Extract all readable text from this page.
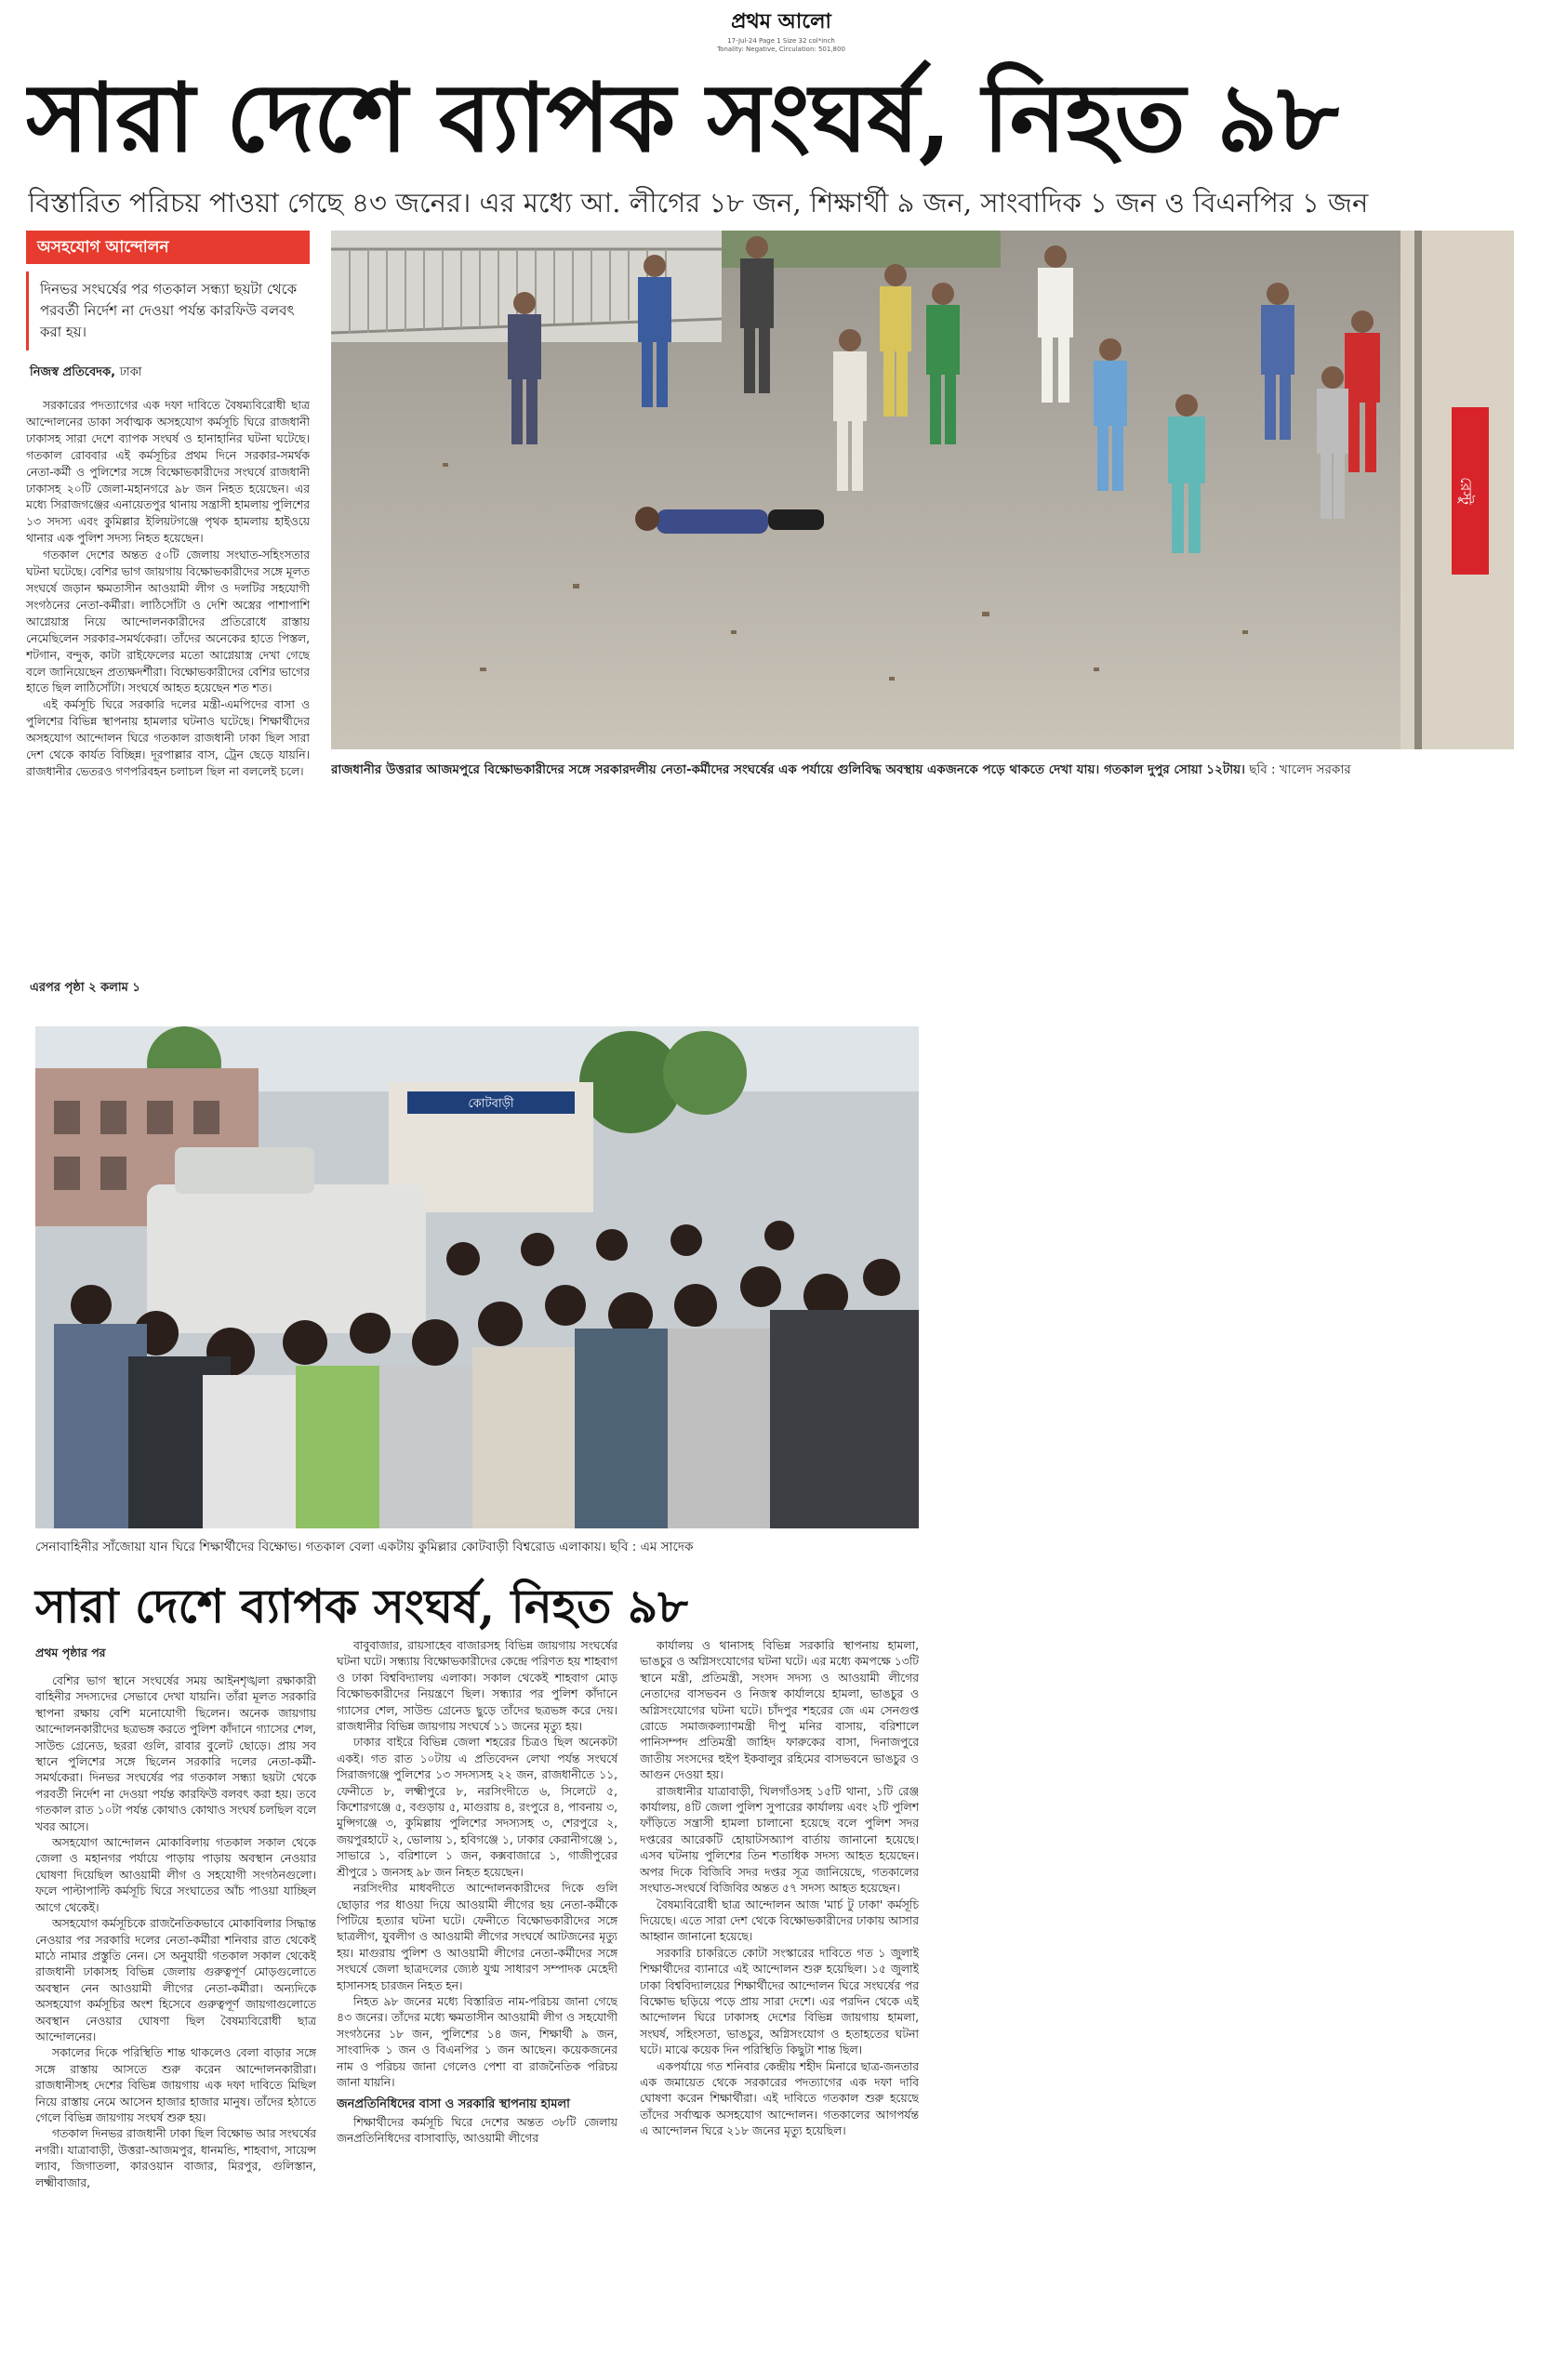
প্রথম আলো
17-Jul-24 Page 1 Size 32 col*inch
Tonality: Negative, Circulation: 501,800
সারা দেশে ব্যাপক সংঘর্ষ, নিহত ৯৮
বিস্তারিত পরিচয় পাওয়া গেছে ৪৩ জনের। এর মধ্যে আ. লীগের ১৮ জন, শিক্ষার্থী ৯ জন, সাংবাদিক ১ জন ও বিএনপির ১ জন
অসহযোগ আন্দোলন
দিনভর সংঘর্ষের পর গতকাল সন্ধ্যা ছয়টা থেকে পরবর্তী নির্দেশ না দেওয়া পর্যন্ত কারফিউ বলবৎ করা হয়।
নিজস্ব প্রতিবেদক, ঢাকা

সরকারের পদত্যাগের এক দফা দাবিতে বৈষম্যবিরোধী ছাত্র আন্দোলনের ডাকা সর্বাত্মক অসহযোগ কর্মসূচি ঘিরে রাজধানী ঢাকাসহ সারা দেশে ব্যাপক সংঘর্ষ ও হানাহানির ঘটনা ঘটেছে। গতকাল রোববার এই কর্মসূচির প্রথম দিনে সরকার-সমর্থক নেতা-কর্মী ও পুলিশের সঙ্গে বিক্ষোভকারীদের সংঘর্ষে রাজধানী ঢাকাসহ ২০টি জেলা-মহানগরে ৯৮ জন নিহত হয়েছেন। এর মধ্যে সিরাজগঞ্জের এনায়েতপুর থানায় সন্ত্রাসী হামলায় পুলিশের ১৩ সদস্য এবং কুমিল্লার ইলিয়টগঞ্জে পৃথক হামলায় হাইওয়ে থানার এক পুলিশ সদস্য নিহত হয়েছেন।

গতকাল দেশের অন্তত ৫০টি জেলায় সংঘাত-সহিংসতার ঘটনা ঘটেছে। বেশির ভাগ জায়গায় বিক্ষোভকারীদের সঙ্গে মূলত সংঘর্ষে জড়ান ক্ষমতাসীন আওয়ামী লীগ ও দলটির সহযোগী সংগঠনের নেতা-কর্মীরা। লাঠিসোঁটা ও দেশি অস্ত্রের পাশাপাশি আগ্নেয়াস্ত্র নিয়ে আন্দোলনকারীদের প্রতিরোধে রাস্তায় নেমেছিলেন সরকার-সমর্থকেরা। তাঁদের অনেকের হাতে পিস্তল, শটগান, বন্দুক, কাটা রাইফেলের মতো আগ্নেয়াস্ত্র দেখা গেছে বলে জানিয়েছেন প্রত্যক্ষদর্শীরা। বিক্ষোভকারীদের বেশির ভাগের হাতে ছিল লাঠিসোঁটা। সংঘর্ষে আহত হয়েছেন শত শত।

এই কর্মসূচি ঘিরে সরকারি দলের মন্ত্রী-এমপিদের বাসা ও পুলিশের বিভিন্ন স্থাপনায় হামলার ঘটনাও ঘটেছে। শিক্ষার্থীদের অসহযোগ আন্দোলন ঘিরে গতকাল রাজধানী ঢাকা ছিল সারা দেশ থেকে কার্যত বিচ্ছিন্ন। দূরপাল্লার বাস, ট্রেন ছেড়ে যায়নি। রাজধানীর ভেতরও গণপরিবহন চলাচল ছিল না বললেই চলে।

এরপর পৃষ্ঠা ২ কলাম ১
রেস্টু
রাজধানীর উত্তরার আজমপুরে বিক্ষোভকারীদের সঙ্গে সরকারদলীয় নেতা-কর্মীদের সংঘর্ষের এক পর্যায়ে গুলিবিদ্ধ অবস্থায় একজনকে পড়ে থাকতে দেখা যায়। গতকাল দুপুর সোয়া ১২টায়। ছবি : খালেদ সরকার
কোটবাড়ী
সেনাবাহিনীর সাঁজোয়া যান ঘিরে শিক্ষার্থীদের বিক্ষোভ। গতকাল বেলা একটায় কুমিল্লার কোটবাড়ী বিশ্বরোড এলাকায়। ছবি : এম সাদেক
সারা দেশে ব্যাপক সংঘর্ষ, নিহত ৯৮
প্রথম পৃষ্ঠার পর

বেশির ভাগ স্থানে সংঘর্ষের সময় আইনশৃঙ্খলা রক্ষাকারী বাহিনীর সদস্যদের সেভাবে দেখা যায়নি। তাঁরা মূলত সরকারি স্থাপনা রক্ষায় বেশি মনোযোগী ছিলেন। অনেক জায়গায় আন্দোলনকারীদের ছত্রভঙ্গ করতে পুলিশ কাঁদানে গ্যাসের শেল, সাউন্ড গ্রেনেড, ছররা গুলি, রাবার বুলেট ছোড়ে। প্রায় সব স্থানে পুলিশের সঙ্গে ছিলেন সরকারি দলের নেতা-কর্মী-সমর্থকেরা। দিনভর সংঘর্ষের পর গতকাল সন্ধ্যা ছয়টা থেকে পরবর্তী নির্দেশ না দেওয়া পর্যন্ত কারফিউ বলবৎ করা হয়। তবে গতকাল রাত ১০টা পর্যন্ত কোথাও কোথাও সংঘর্ষ চলছিল বলে খবর আসে।

অসহযোগ আন্দোলন মোকাবিলায় গতকাল সকাল থেকে জেলা ও মহানগর পর্যায়ে পাড়ায় পাড়ায় অবস্থান নেওয়ার ঘোষণা দিয়েছিল আওয়ামী লীগ ও সহযোগী সংগঠনগুলো। ফলে পাল্টাপাল্টি কর্মসূচি ঘিরে সংঘাতের আঁচ পাওয়া যাচ্ছিল আগে থেকেই।

অসহযোগ কর্মসূচিকে রাজনৈতিকভাবে মোকাবিলার সিদ্ধান্ত নেওয়ার পর সরকারি দলের নেতা-কর্মীরা শনিবার রাত থেকেই মাঠে নামার প্রস্তুতি নেন। সে অনুযায়ী গতকাল সকাল থেকেই রাজধানী ঢাকাসহ বিভিন্ন জেলায় গুরুত্বপূর্ণ মোড়গুলোতে অবস্থান নেন আওয়ামী লীগের নেতা-কর্মীরা। অন্যদিকে অসহযোগ কর্মসূচির অংশ হিসেবে গুরুত্বপূর্ণ জায়গাগুলোতে অবস্থান নেওয়ার ঘোষণা ছিল বৈষম্যবিরোধী ছাত্র আন্দোলনের।

সকালের দিকে পরিস্থিতি শান্ত থাকলেও বেলা বাড়ার সঙ্গে সঙ্গে রাস্তায় আসতে শুরু করেন আন্দোলনকারীরা। রাজধানীসহ দেশের বিভিন্ন জায়গায় এক দফা দাবিতে মিছিল নিয়ে রাস্তায় নেমে আসেন হাজার হাজার মানুষ। তাঁদের হঠাতে গেলে বিভিন্ন জায়গায় সংঘর্ষ শুরু হয়।

গতকাল দিনভর রাজধানী ঢাকা ছিল বিক্ষোভ আর সংঘর্ষের নগরী। যাত্রাবাড়ী, উত্তরা-আজমপুর, ধানমন্ডি, শাহবাগ, সায়েন্স ল্যাব, জিগাতলা, কারওয়ান বাজার, মিরপুর, গুলিস্তান, লক্ষ্মীবাজার,

বাবুবাজার, রায়সাহেব বাজারসহ বিভিন্ন জায়গায় সংঘর্ষের ঘটনা ঘটে। সন্ধ্যায় বিক্ষোভকারীদের কেন্দ্রে পরিণত হয় শাহবাগ ও ঢাকা বিশ্ববিদ্যালয় এলাকা। সকাল থেকেই শাহবাগ মোড় বিক্ষোভকারীদের নিয়ন্ত্রণে ছিল। সন্ধ্যার পর পুলিশ কাঁদানে গ্যাসের শেল, সাউন্ড গ্রেনেড ছুড়ে তাঁদের ছত্রভঙ্গ করে দেয়। রাজধানীর বিভিন্ন জায়গায় সংঘর্ষে ১১ জনের মৃত্যু হয়।

ঢাকার বাইরে বিভিন্ন জেলা শহরের চিত্রও ছিল অনেকটা একই। গত রাত ১০টায় এ প্রতিবেদন লেখা পর্যন্ত সংঘর্ষে সিরাজগঞ্জে পুলিশের ১৩ সদস্যসহ ২২ জন, রাজধানীতে ১১, ফেনীতে ৮, লক্ষ্মীপুরে ৮, নরসিংদীতে ৬, সিলেটে ৫, কিশোরগঞ্জে ৫, বগুড়ায় ৫, মাগুরায় ৪, রংপুরে ৪, পাবনায় ৩, মুন্সিগঞ্জে ৩, কুমিল্লায় পুলিশের সদস্যসহ ৩, শেরপুরে ২, জয়পুরহাটে ২, ভোলায় ১, হবিগঞ্জে ১, ঢাকার কেরানীগঞ্জে ১, সাভারে ১, বরিশালে ১ জন, কক্সবাজারে ১, গাজীপুরের শ্রীপুরে ১ জনসহ ৯৮ জন নিহত হয়েছেন।

নরসিংদীর মাধবদীতে আন্দোলনকারীদের দিকে গুলি ছোড়ার পর ধাওয়া দিয়ে আওয়ামী লীগের ছয় নেতা-কর্মীকে পিটিয়ে হত্যার ঘটনা ঘটে। ফেনীতে বিক্ষোভকারীদের সঙ্গে ছাত্রলীগ, যুবলীগ ও আওয়ামী লীগের সংঘর্ষে আটজনের মৃত্যু হয়। মাগুরায় পুলিশ ও আওয়ামী লীগের নেতা-কর্মীদের সঙ্গে সংঘর্ষে জেলা ছাত্রদলের জ্যেষ্ঠ যুগ্ম সাধারণ সম্পাদক মেহেদী হাসানসহ চারজন নিহত হন।

নিহত ৯৮ জনের মধ্যে বিস্তারিত নাম-পরিচয় জানা গেছে ৪৩ জনের। তাঁদের মধ্যে ক্ষমতাসীন আওয়ামী লীগ ও সহযোগী সংগঠনের ১৮ জন, পুলিশের ১৪ জন, শিক্ষার্থী ৯ জন, সাংবাদিক ১ জন ও বিএনপির ১ জন আছেন। কয়েকজনের নাম ও পরিচয় জানা গেলেও পেশা বা রাজনৈতিক পরিচয় জানা যায়নি।

জনপ্রতিনিধিদের বাসা ও সরকারি স্থাপনায় হামলা

শিক্ষার্থীদের কর্মসূচি ঘিরে দেশের অন্তত ৩৮টি জেলায় জনপ্রতিনিধিদের বাসাবাড়ি, আওয়ামী লীগের

কার্যালয় ও থানাসহ বিভিন্ন সরকারি স্থাপনায় হামলা, ভাঙচুর ও অগ্নিসংযোগের ঘটনা ঘটে। এর মধ্যে কমপক্ষে ১৩টি স্থানে মন্ত্রী, প্রতিমন্ত্রী, সংসদ সদস্য ও আওয়ামী লীগের নেতাদের বাসভবন ও নিজস্ব কার্যালয়ে হামলা, ভাঙচুর ও অগ্নিসংযোগের ঘটনা ঘটে। চাঁদপুর শহরের জে এম সেনগুপ্ত রোডে সমাজকল্যাণমন্ত্রী দীপু মনির বাসায়, বরিশালে পানিসম্পদ প্রতিমন্ত্রী জাহিদ ফারুকের বাসা, দিনাজপুরে জাতীয় সংসদের হুইপ ইকবালুর রহিমের বাসভবনে ভাঙচুর ও আগুন দেওয়া হয়।

রাজধানীর যাত্রাবাড়ী, খিলগাঁওসহ ১৫টি থানা, ১টি রেঞ্জ কার্যালয়, ৪টি জেলা পুলিশ সুপারের কার্যালয় এবং ২টি পুলিশ ফাঁড়িতে সন্ত্রাসী হামলা চালানো হয়েছে বলে পুলিশ সদর দপ্তরের আরেকটি হোয়াটসঅ্যাপ বার্তায় জানানো হয়েছে। এসব ঘটনায় পুলিশের তিন শতাধিক সদস্য আহত হয়েছেন। অপর দিকে বিজিবি সদর দপ্তর সূত্র জানিয়েছে, গতকালের সংঘাত-সংঘর্ষে বিজিবির অন্তত ৫৭ সদস্য আহত হয়েছেন।

বৈষম্যবিরোধী ছাত্র আন্দোলন আজ 'মার্চ টু ঢাকা' কর্মসূচি দিয়েছে। এতে সারা দেশ থেকে বিক্ষোভকারীদের ঢাকায় আসার আহ্বান জানানো হয়েছে।

সরকারি চাকরিতে কোটা সংস্কারের দাবিতে গত ১ জুলাই শিক্ষার্থীদের ব্যানারে এই আন্দোলন শুরু হয়েছিল। ১৫ জুলাই ঢাকা বিশ্ববিদ্যালয়ের শিক্ষার্থীদের আন্দোলন ঘিরে সংঘর্ষের পর বিক্ষোভ ছড়িয়ে পড়ে প্রায় সারা দেশে। এর পরদিন থেকে এই আন্দোলন ঘিরে ঢাকাসহ দেশের বিভিন্ন জায়গায় হামলা, সংঘর্ষ, সহিংসতা, ভাঙচুর, অগ্নিসংযোগ ও হতাহতের ঘটনা ঘটে। মাঝে কয়েক দিন পরিস্থিতি কিছুটা শান্ত ছিল।

একপর্যায়ে গত শনিবার কেন্দ্রীয় শহীদ মিনারে ছাত্র-জনতার এক জমায়েত থেকে সরকারের পদত্যাগের এক দফা দাবি ঘোষণা করেন শিক্ষার্থীরা। এই দাবিতে গতকাল শুরু হয়েছে তাঁদের সর্বাত্মক অসহযোগ আন্দোলন। গতকালের আগপর্যন্ত এ আন্দোলন ঘিরে ২১৮ জনের মৃত্যু হয়েছিল।
